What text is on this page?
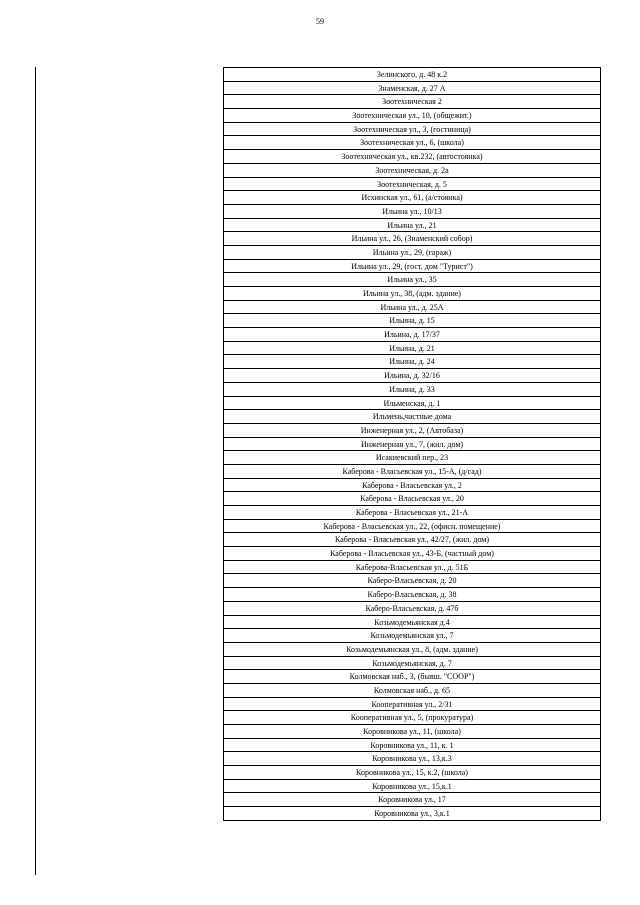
59
Зелинского, д. 48 к.2
Знаменская, д. 27 А
Зоотехническая 2
Зоотехническая ул., 10, (общежит.)
Зоотехническая ул., 3, (гостиница)
Зоотехническая ул., 6, (школа)
Зоотехническая ул., кв.232, (автостоянка)
Зоотехническая, д. 2а
Зоотехническая, д. 5
Исхинская ул., 61, (а/стоянка)
Ильина ул., 10/13
Ильина ул., 21
Ильина ул., 26, (Знаменский собор)
Ильина ул., 29, (гараж)
Ильина ул., 29, (гост. дом "Турист")
Ильина ул., 35
Ильина ул., 38, (адм. здание)
Ильина ул., д. 25А
Ильина, д. 15
Ильина, д. 17/37
Ильина, д. 21
Ильина, д. 24
Ильина, д. 32/16
Ильина, д. 33
Ильменская, д. 1
Ильмень,частные дома
Инженерная ул., 2, (Автобаза)
Инженерная ул., 7, (жил. дом)
Исакиевский пер., 23
Каберова - Власьевская ул., 15-А, (д/сад)
Каберова - Власьевская ул., 2
Каберова - Власьевская ул., 20
Каберова - Власьевская ул., 21-А
Каберова - Власьевская ул., 22, (офисн. помещение)
Каберова - Власьевская ул., 42/27, (жил. дом)
Каберова - Власьевская ул., 43-Б, (частный дом)
Каберова-Власьевская ул., д. 51Б
Каберо-Власьевская, д. 20
Каберо-Власьевская, д. 38
Каберо-Власьевская, д. 47б
Козьмодемьянская д.4
Козьмодемьянская ул., 7
Козьмодемьянская ул., 8, (адм. здание)
Козьмодемьянская, д. 7
Колмовская наб., 3, (бывш. "СООР")
Колмовская наб., д. 65
Кооперативная ул., 2/31
Кооперативная ул., 5, (прокуратура)
Коровникова ул., 11, (школа)
Коровникова ул., 11, к. 1
Коровникова ул., 13,к.3
Коровникова ул., 15, к.2, (школа)
Коровникова ул., 15,к.1
Коровникова ул., 17
Коровникова ул., 3,к.1
